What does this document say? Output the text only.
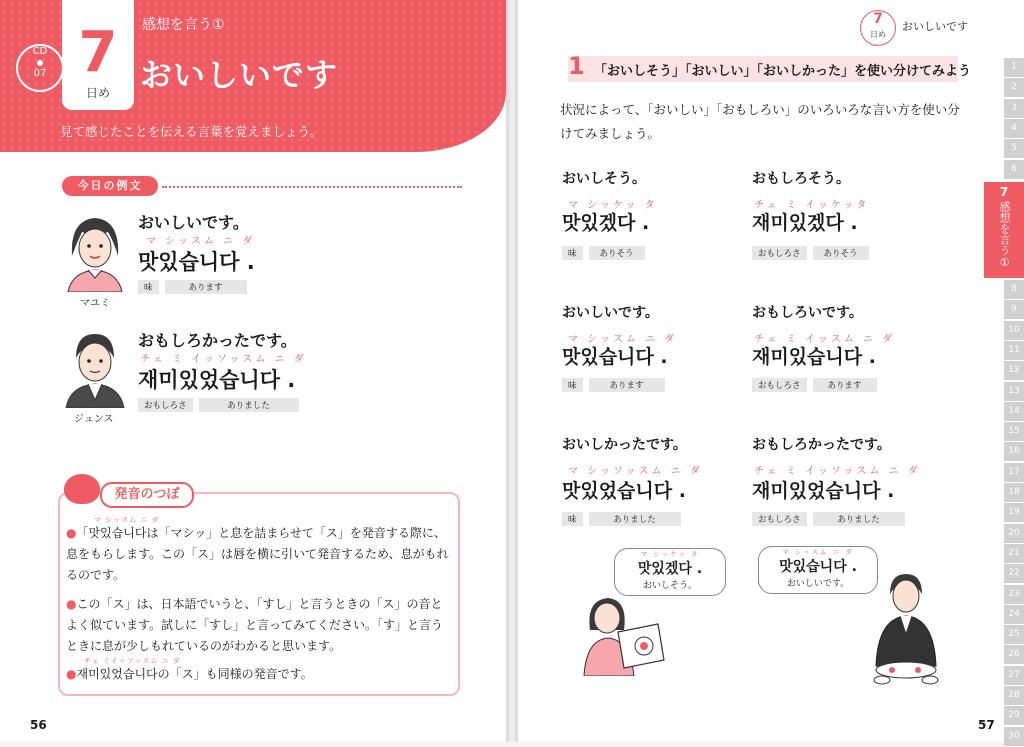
CD
07 7
日め
感想を言う①
おいしいです
見て感じたことを伝える言葉を覚えましょう。
今日の例文
マユミ
おいしいです。
マ シッスム ニ ダ
맛있습니다 .
味	あります
ジュンス
おもしろかったです。
チェ ミ イッソッスム ニ ダ
재미있었습니다 .
おもしろさ	ありました
発音のつぼ
マ シッスム ニ ダ
●「맛있습니다は「マシッ」と息を詰まらせて「ス」を発音する際に、息をもらします。この「ス」は唇を横に引いて発音するため、息がもれるのです。
●この「ス」は、日本語でいうと、「すし」と言うときの「ス」の音とよく似ています。試しに「すし」と言ってみてください。「す」と言うときに息が少しもれているのがわかると思います。
チェ ミイッソッスム ニ ダ
●재미있었습니다の「ス」も同様の発音です。
56
7
日め
おいしいです
1 「おいしそう」「おいしい」「おいしかった」を使い分けてみよう
状況によって、「おいしい」「おもしろい」のいろいろな言い方を使い分けてみましょう。
おいしそう。
マ シッケッ タ
맛있겠다 .
味	ありそう
おもしろそう。
チェ ミ イッケッタ
재미있겠다 .
おもしろさ	ありそう
おいしいです。
マ シッスム ニ ダ
맛있습니다 .
味	あります
おもしろいです。
チェ ミ イッスム ニ ダ
재미있습니다 .
おもしろさ	あります
おいしかったです。
マ シッソッスム ニ ダ
맛있었습니다 .
味	ありました
おもしろかったです。
チェ ミ イッソッスム ニ ダ
재미있었습니다 .
おもしろさ	ありました
マ シッケッ タ
맛있겠다 .
おいしそう。
マ シッスム ニ ダ
맛있습니다 .
おいしいです。
1
2
3
4
5
6
8
9
10
11
12
13
14
15
16
17
18
19
20
21
22
23
24
25
26
27
28
29
30
7
感想を言う①
57
